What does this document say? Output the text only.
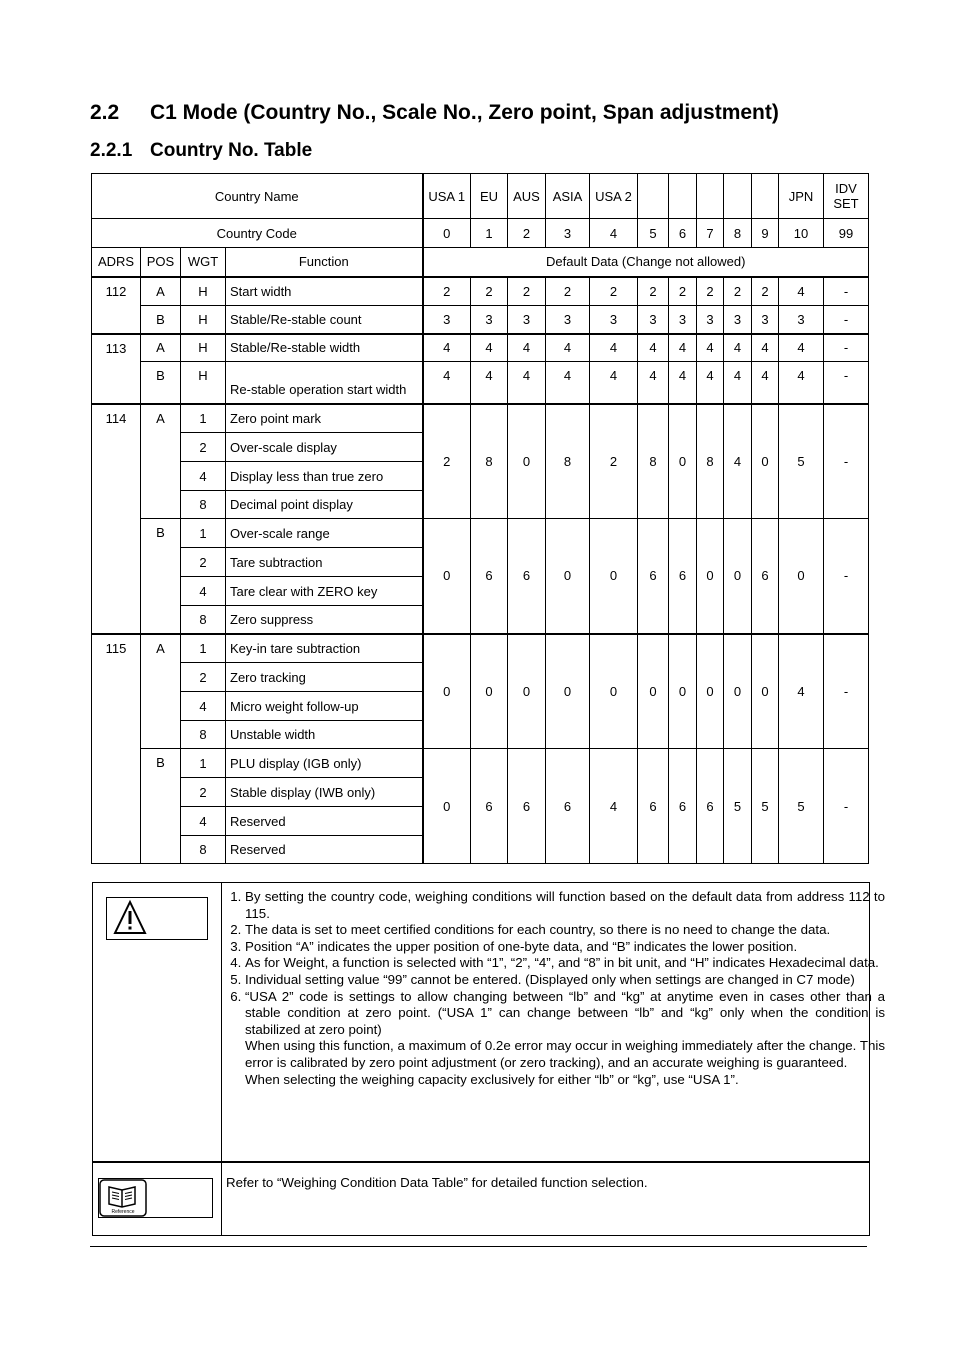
2.2 C1 Mode (Country No., Scale No., Zero point, Span adjustment)
2.2.1 Country No. Table
Country Name				USA 1	EU	AUS	ASIA	USA 2						JPN	IDV SET
Country Code				0	1	2	3	4	5	6	7	8	9	10	99
ADRS	POS	WGT	Function	Default Data (Change not allowed)											
112	A	H	Start width	2	2	2	2	2	2	2	2	2	2	4	-
	B	H	Stable/Re-stable count	3	3	3	3	3	3	3	3	3	3	3	-
113	A	H	Stable/Re-stable width	4	4	4	4	4	4	4	4	4	4	4	-
	B	H	Re-stable operation start width	4	4	4	4	4	4	4	4	4	4	4	-
114	A	1	Zero point mark	2	8	0	8	2	8	0	8	4	0	5	-
		2	Over-scale display												
		4	Display less than true zero												
		8	Decimal point display												
	B	1	Over-scale range	0	6	6	0	0	6	6	0	0	6	0	-
		2	Tare subtraction												
		4	Tare clear with ZERO key												
		8	Zero suppress												
115	A	1	Key-in tare subtraction	0	0	0	0	0	0	0	0	0	0	4	-
		2	Zero tracking												
		4	Micro weight follow-up												
		8	Unstable width												
	B	1	PLU display (IGB only)	0	6	6	6	4	6	6	6	5	5	5	-
		2	Stable display (IWB only)												
		4	Reserved												
		8	Reserved												
1. By setting the country code, weighing conditions will function based on the default data from address 112 to 115.
2. The data is set to meet certified conditions for each country, so there is no need to change the data.
3. Position “A” indicates the upper position of one-byte data, and “B” indicates the lower position.
4. As for Weight, a function is selected with “1”, “2”, “4”, and “8” in bit unit, and “H” indicates Hexadecimal data.
5. Individual setting value “99” cannot be entered. (Displayed only when settings are changed in C7 mode)
6. “USA 2” code is settings to allow changing between “lb” and “kg” at anytime even in cases other than a stable condition at zero point. (“USA 1” can change between “lb” and “kg” only when the condition is stabilized at zero point)
When using this function, a maximum of 0.2e error may occur in weighing immediately after the change. This error is calibrated by zero point adjustment (or zero tracking), and an accurate weighing is guaranteed.
When selecting the weighing capacity exclusively for either “lb” or “kg”, use “USA 1”.
Reference
Refer to “Weighing Condition Data Table” for detailed function selection.
